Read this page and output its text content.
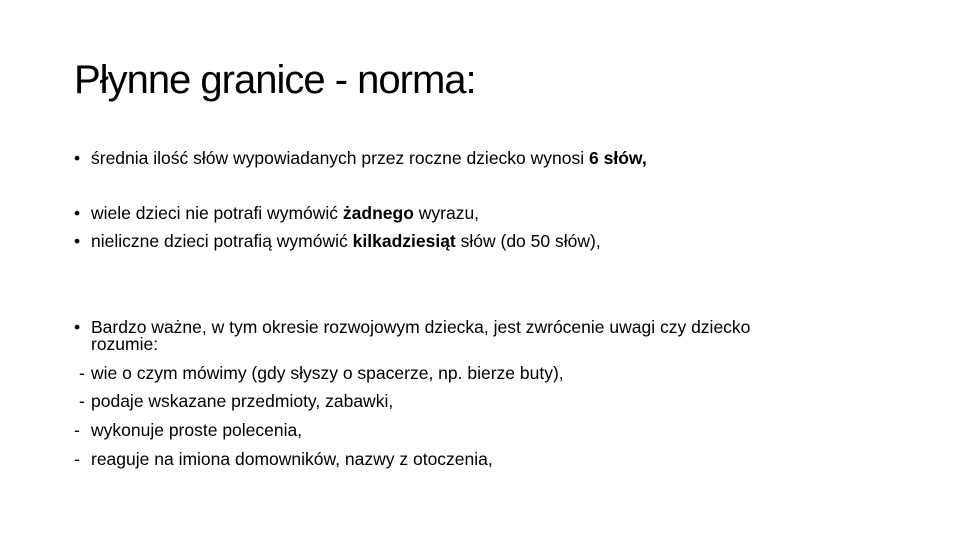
Płynne granice - norma:
• średnia ilość słów wypowiadanych przez roczne dziecko wynosi 6 słów,
• wiele dzieci nie potrafi wymówić żadnego wyrazu,
• nieliczne dzieci potrafią wymówić kilkadziesiąt słów (do 50 słów),
• Bardzo ważne, w tym okresie rozwojowym dziecka, jest zwrócenie uwagi czy dziecko
rozumie:
- wie o czym mówimy (gdy słyszy o spacerze, np. bierze buty),
- podaje wskazane przedmioty, zabawki,
- wykonuje proste polecenia,
- reaguje na imiona domowników, nazwy z otoczenia,
